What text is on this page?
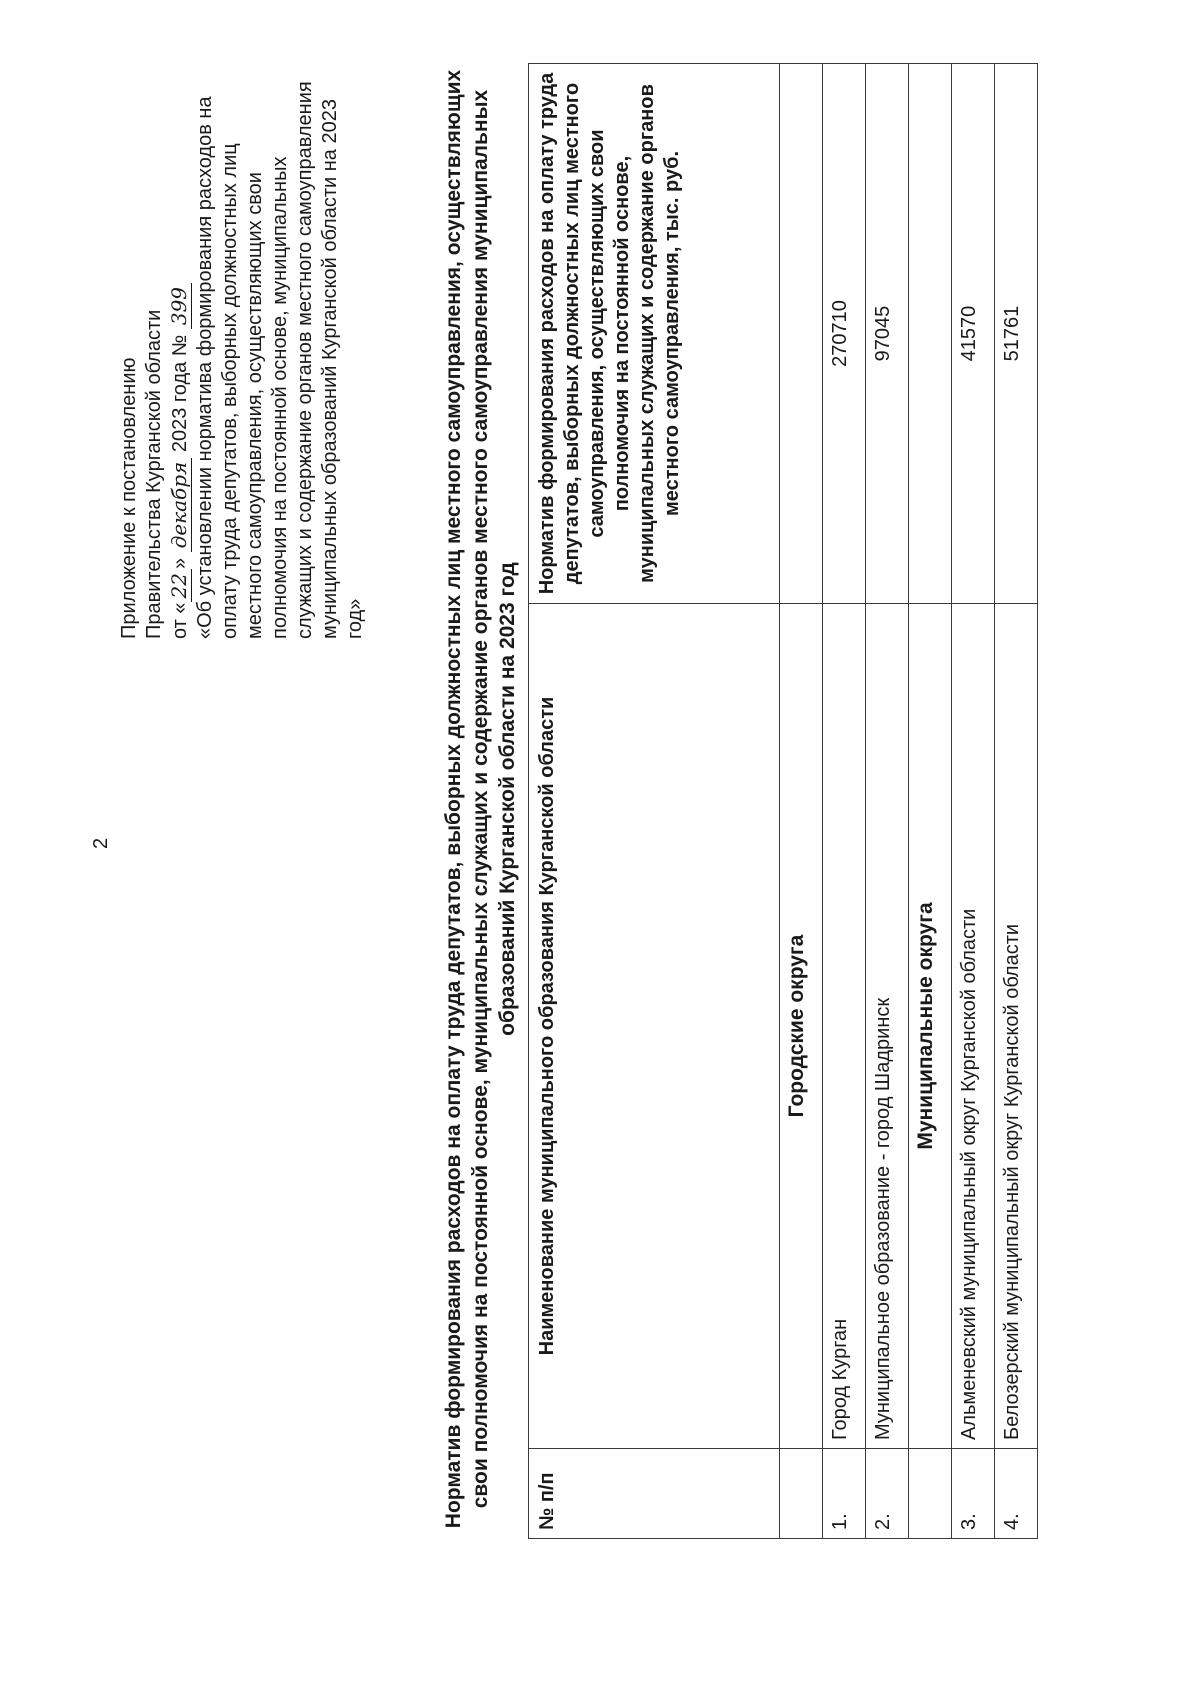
2
Приложение к постановлению Правительства Курганской области от «22» декабря 2023 года № 399 «Об установлении норматива формирования расходов на оплату труда депутатов, выборных должностных лиц местного самоуправления, осуществляющих свои полномочия на постоянной основе, муниципальных служащих и содержание органов местного самоуправления муниципальных образований Курганской области на 2023 год»	Норматив формирования расходов на оплату труда депутатов, выборных должностных лиц местного самоуправления, осуществляющих свои полномочия на постоянной основе, муниципальных служащих и содержание органов местного самоуправления муниципальных образований Курганской области на 2023 год
№ п/п	Наименование муниципального образования Курганской области	Норматив формирования расходов на оплату труда депутатов, выборных должностных лиц местного самоуправления, осуществляющих свои полномочия на постоянной основе, муниципальных служащих и содержание органов местного самоуправления, тыс. руб.
	Городские округа	
1.	Город Курган	270710
2.	Муниципальное образование - город Шадринск	97045
	Муниципальные округа	
3.	Альменевский муниципальный округ Курганской области	41570
4.	Белозерский муниципальный округ Курганской области	51761
